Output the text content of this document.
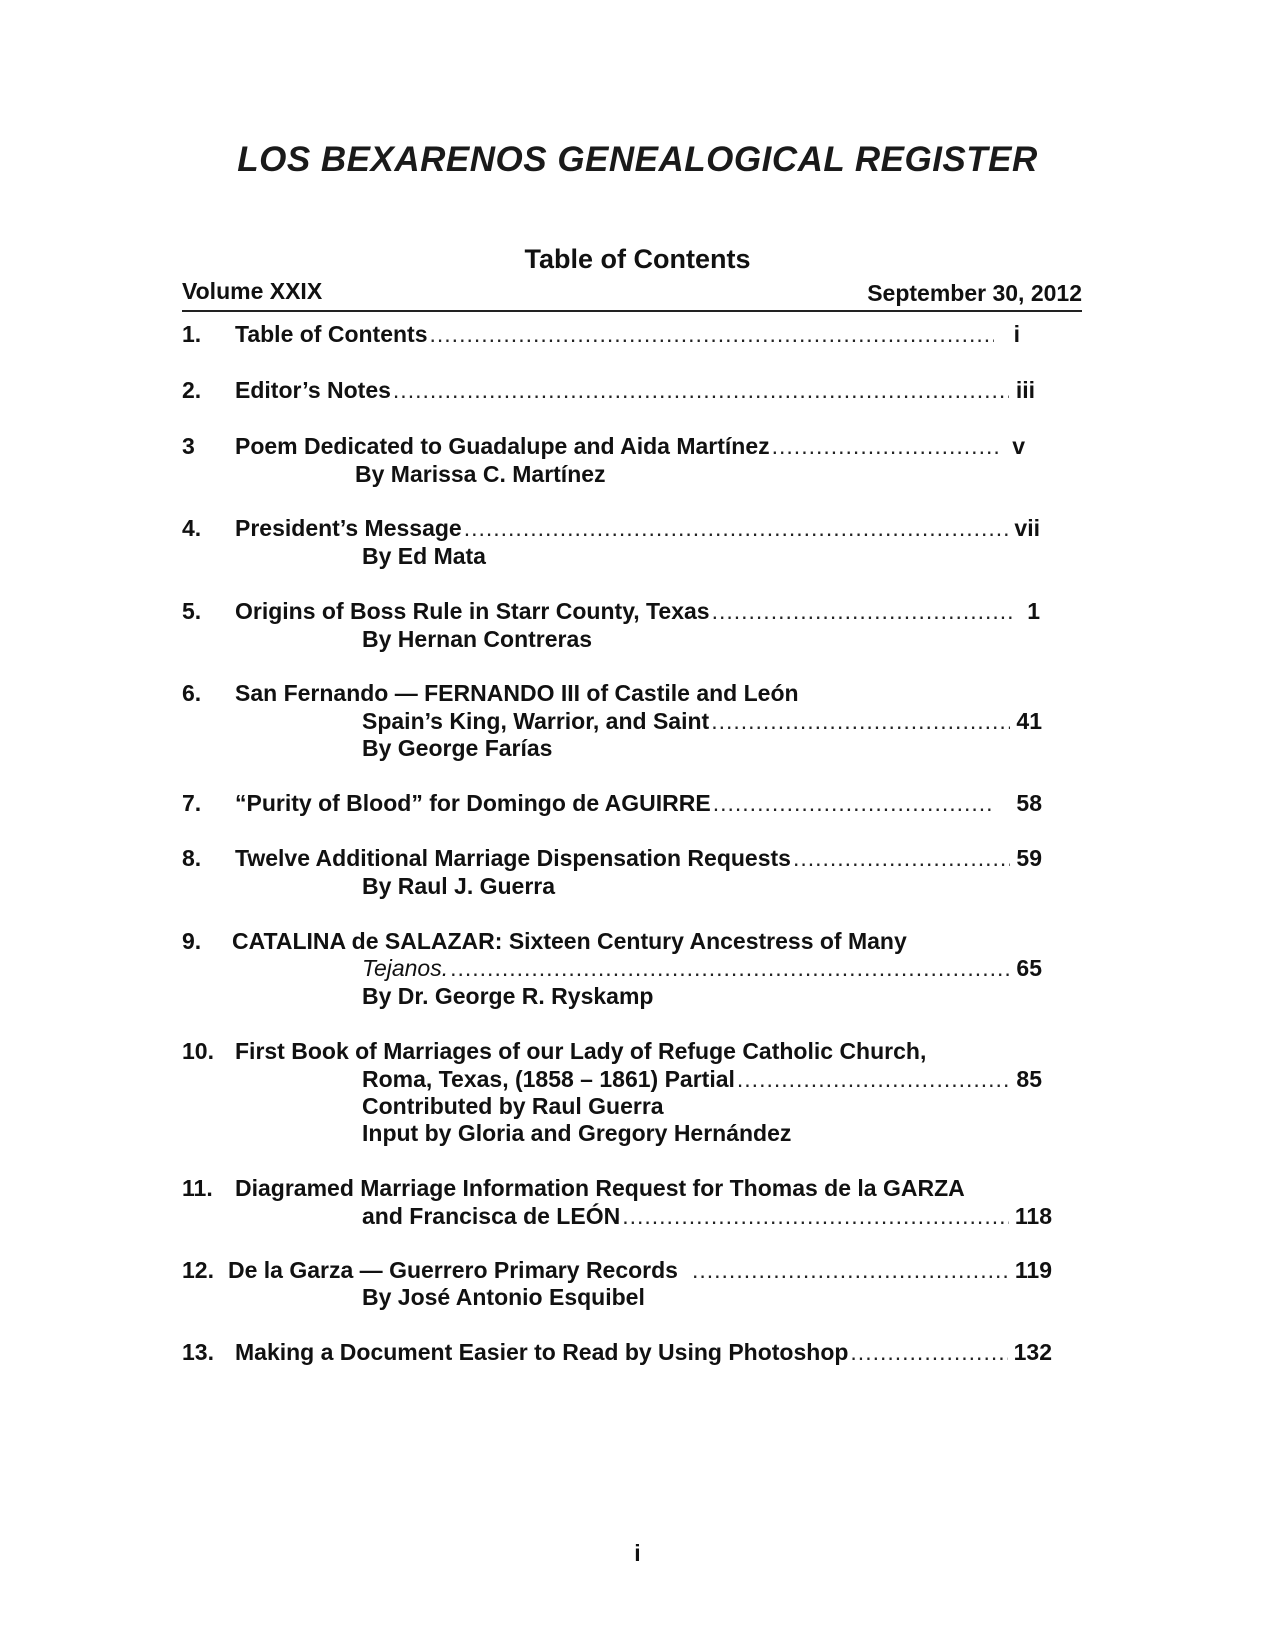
LOS BEXARENOS GENEALOGICAL REGISTER
Table of Contents
Volume XXIX	September 30, 2012
1. Table of Contents .....	i
2. Editor’s Notes .....	iii
3 Poem Dedicated to Guadalupe and Aida Martínez .....	v
By Marissa C. Martínez
4. President’s Message .....	vii
By Ed Mata
5. Origins of Boss Rule in Starr County, Texas .....	1
By Hernan Contreras
6. San Fernando — FERNANDO III of Castile and León
Spain’s King, Warrior, and Saint .....	41
By George Farías
7. “Purity of Blood” for Domingo de AGUIRRE .....	58
8. Twelve Additional Marriage Dispensation Requests .....	59
By Raul J. Guerra
9. CATALINA de SALAZAR: Sixteen Century Ancestress of Many
Tejanos. .....	65
By Dr. George R. Ryskamp
10. First Book of Marriages of our Lady of Refuge Catholic Church,
Roma, Texas, (1858 – 1861) Partial .....	85
Contributed by Raul Guerra
Input by Gloria and Gregory Hernández
11. Diagramed Marriage Information Request for Thomas de la GARZA
and Francisca de LEÓN .....	118
12. De la Garza — Guerrero Primary Records .....	119
By José Antonio Esquibel
13. Making a Document Easier to Read by Using Photoshop .....	132
i
